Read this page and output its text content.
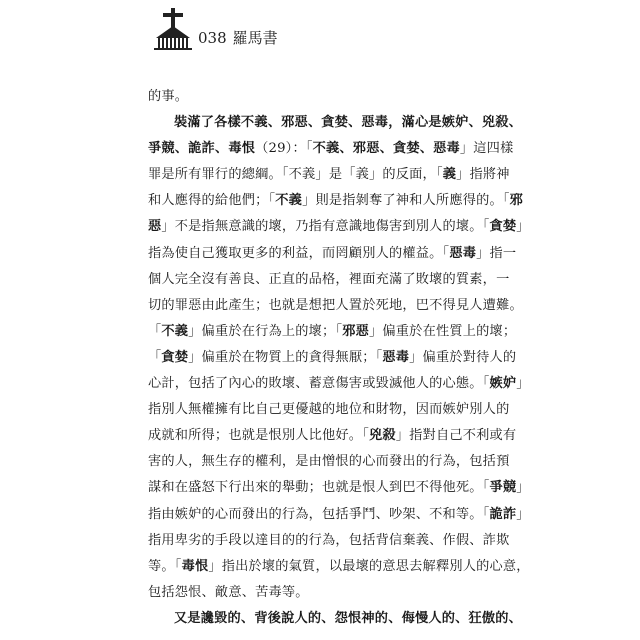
038 羅馬書
的事。
裝滿了各樣不義、邪惡、貪婪、惡毒，滿心是嫉妒、兇殺、
爭競、詭詐、毒恨（29）：「不義、邪惡、貪婪、惡毒」這四樣
罪是所有罪行的總綱。「不義」是「義」的反面，「義」指將神
和人應得的給他們；「不義」則是指剝奪了神和人所應得的。「邪
惡」不是指無意識的壞，乃指有意識地傷害到別人的壞。「貪婪」
指為使自己獲取更多的利益，而罔顧別人的權益。「惡毒」指一
個人完全沒有善良、正直的品格，裡面充滿了敗壞的質素，一
切的罪惡由此產生；也就是想把人置於死地，巴不得見人遭難。
「不義」偏重於在行為上的壞；「邪惡」偏重於在性質上的壞；
「貪婪」偏重於在物質上的貪得無厭；「惡毒」偏重於對待人的
心計，包括了內心的敗壞、蓄意傷害或毀滅他人的心態。「嫉妒」
指別人無權擁有比自己更優越的地位和財物，因而嫉妒別人的
成就和所得；也就是恨別人比他好。「兇殺」指對自己不利或有
害的人，無生存的權利，是由憎恨的心而發出的行為，包括預
謀和在盛怒下行出來的舉動；也就是恨人到巴不得他死。「爭競」
指由嫉妒的心而發出的行為，包括爭鬥、吵架、不和等。「詭詐」
指用卑劣的手段以達目的的行為，包括背信棄義、作假、詐欺
等。「毒恨」指出於壞的氣質，以最壞的意思去解釋別人的心意，
包括怨恨、敵意、苦毒等。
又是讒毀的、背後說人的、怨恨神的、侮慢人的、狂傲的、
